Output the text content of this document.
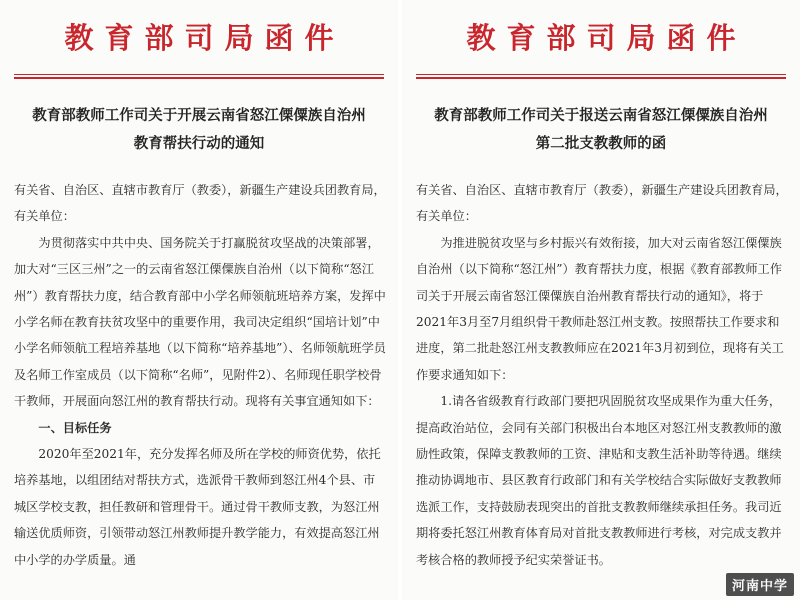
教育部司局函件
教育部教师工作司关于开展云南省怒江傈僳族自治州
教育帮扶行动的通知

有关省、自治区、直辖市教育厅（教委），新疆生产建设兵团教育局，有关单位：

为贯彻落实中共中央、国务院关于打赢脱贫攻坚战的决策部署，加大对“三区三州”之一的云南省怒江傈僳族自治州（以下简称“怒江州”）教育帮扶力度，结合教育部中小学名师领航班培养方案，发挥中小学名师在教育扶贫攻坚中的重要作用，我司决定组织“国培计划”中小学名师领航工程培养基地（以下简称“培养基地”）、名师领航班学员及名师工作室成员（以下简称“名师”，见附件2）、名师现任职学校骨干教师，开展面向怒江州的教育帮扶行动。现将有关事宜通知如下：

一、目标任务

2020年至2021年，充分发挥名师及所在学校的师资优势，依托培养基地，以组团结对帮扶方式，选派骨干教师到怒江州4个县、市城区学校支教，担任教研和管理骨干。通过骨干教师支教，为怒江州输送优质师资，引领带动怒江州教师提升教学能力，有效提高怒江州中小学的办学质量。通

教育部司局函件
教育部教师工作司关于报送云南省怒江傈僳族自治州
第二批支教教师的函

有关省、自治区、直辖市教育厅（教委），新疆生产建设兵团教育局，有关单位：

为推进脱贫攻坚与乡村振兴有效衔接，加大对云南省怒江傈僳族自治州（以下简称“怒江州”）教育帮扶力度，根据《教育部教师工作司关于开展云南省怒江傈僳族自治州教育帮扶行动的通知》，将于2021年3月至7月组织骨干教师赴怒江州支教。按照帮扶工作要求和进度，第二批赴怒江州支教教师应在2021年3月初到位，现将有关工作要求通知如下：

1.请各省级教育行政部门要把巩固脱贫攻坚成果作为重大任务，提高政治站位，会同有关部门积极出台本地区对怒江州支教教师的激励性政策，保障支教教师的工资、津贴和支教生活补助等待遇。继续推动协调地市、县区教育行政部门和有关学校结合实际做好支教教师选派工作，支持鼓励表现突出的首批支教教师继续承担任务。我司近期将委托怒江州教育体育局对首批支教教师进行考核，对完成支教并考核合格的教师授予纪实荣誉证书。

河南中学
